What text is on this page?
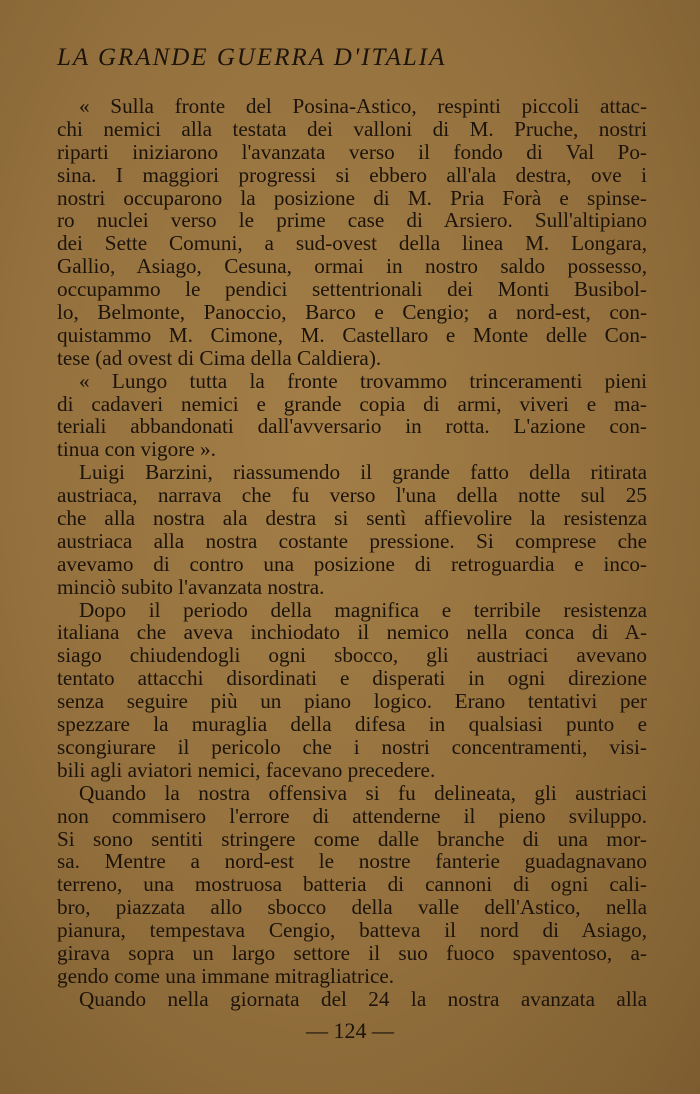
LA GRANDE GUERRA D'ITALIA
« Sulla fronte del Posina-Astico, respinti piccoli attac-
chi nemici alla testata dei valloni di M. Pruche, nostri
riparti iniziarono l'avanzata verso il fondo di Val Po-
sina. I maggiori progressi si ebbero all'ala destra, ove i
nostri occuparono la posizione di M. Pria Forà e spinse-
ro nuclei verso le prime case di Arsiero. Sull'altipiano
dei Sette Comuni, a sud-ovest della linea M. Longara,
Gallio, Asiago, Cesuna, ormai in nostro saldo possesso,
occupammo le pendici settentrionali dei Monti Busibol-
lo, Belmonte, Panoccio, Barco e Cengio; a nord-est, con-
quistammo M. Cimone, M. Castellaro e Monte delle Con-
tese (ad ovest di Cima della Caldiera).
« Lungo tutta la fronte trovammo trinceramenti pieni
di cadaveri nemici e grande copia di armi, viveri e ma-
teriali abbandonati dall'avversario in rotta. L'azione con-
tinua con vigore ».
Luigi Barzini, riassumendo il grande fatto della ritirata
austriaca, narrava che fu verso l'una della notte sul 25
che alla nostra ala destra si sentì affievolire la resistenza
austriaca alla nostra costante pressione. Si comprese che
avevamo di contro una posizione di retroguardia e inco-
minciò subito l'avanzata nostra.
Dopo il periodo della magnifica e terribile resistenza
italiana che aveva inchiodato il nemico nella conca di A-
siago chiudendogli ogni sbocco, gli austriaci avevano
tentato attacchi disordinati e disperati in ogni direzione
senza seguire più un piano logico. Erano tentativi per
spezzare la muraglia della difesa in qualsiasi punto e
scongiurare il pericolo che i nostri concentramenti, visi-
bili agli aviatori nemici, facevano precedere.
Quando la nostra offensiva si fu delineata, gli austriaci
non commisero l'errore di attenderne il pieno sviluppo.
Si sono sentiti stringere come dalle branche di una mor-
sa. Mentre a nord-est le nostre fanterie guadagnavano
terreno, una mostruosa batteria di cannoni di ogni cali-
bro, piazzata allo sbocco della valle dell'Astico, nella
pianura, tempestava Cengio, batteva il nord di Asiago,
girava sopra un largo settore il suo fuoco spaventoso, a-
gendo come una immane mitragliatrice.
Quando nella giornata del 24 la nostra avanzata alla
— 124 —
